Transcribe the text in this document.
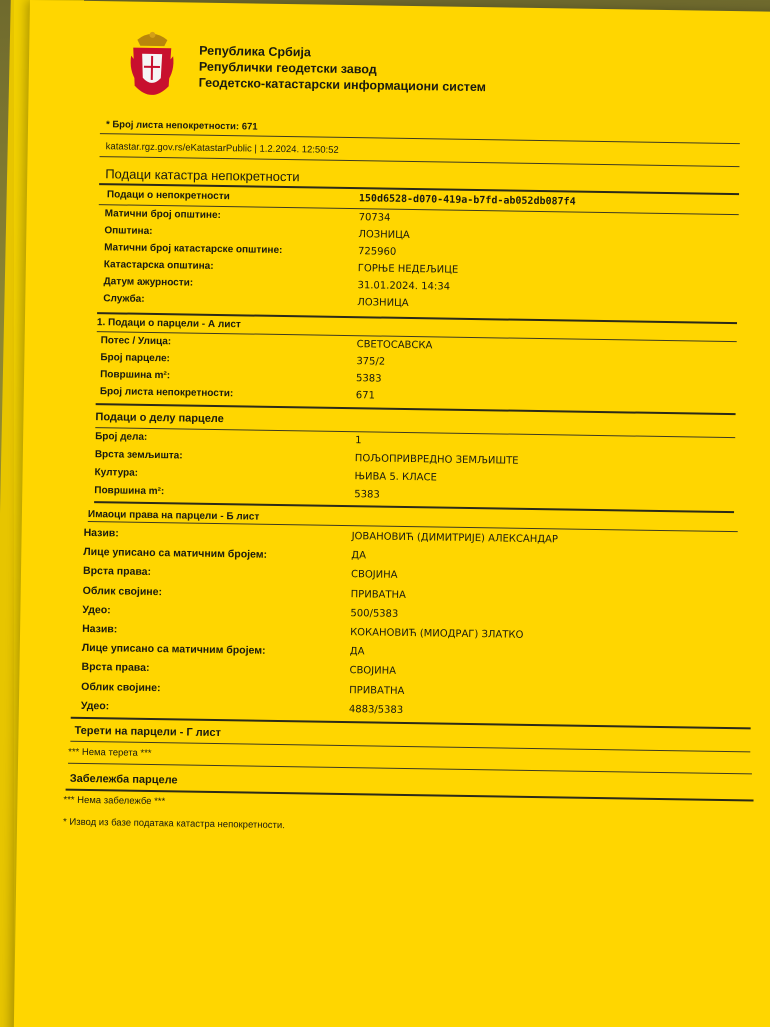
Република Србија
Републички геодетски завод
Геодетско-катастарски информациони систем
* Број листа непокретности: 671
katastar.rgz.gov.rs/eKatastarPublic | 1.2.2024. 12:50:52
Подаци катастра непокретности
Подаци о непокретности	150d6528-d070-419a-b7fd-ab052db087f4
Матични број општине:	70734
Општина:	ЛОЗНИЦА
Матични број катастарске општине:	725960
Катастарска општина:	ГОРЊЕ НЕДЕЉИЦЕ
Датум ажурности:	31.01.2024. 14:34
Служба:	ЛОЗНИЦА
1. Подаци о парцели - А лист
Потес / Улица:	СВЕТОСАВСКА
Број парцеле:	375/2
Површина m²:	5383
Број листа непокретности:	671
Подаци о делу парцеле
Број дела:	1
Врста земљишта:	ПОЉОПРИВРЕДНО ЗЕМЉИШТЕ
Култура:	ЊИВА 5. КЛАСЕ
Површина m²:	5383
Имаоци права на парцели - Б лист
Назив:	ЈОВАНОВИЋ (ДИМИТРИЈЕ) АЛЕКСАНДАР
Лице уписано са матичним бројем:	ДА
Врста права:	СВОЈИНА
Облик својине:	ПРИВАТНА
Удео:	500/5383
Назив:	КОКАНОВИЋ (МИОДРАГ) ЗЛАТКО
Лице уписано са матичним бројем:	ДА
Врста права:	СВОЈИНА
Облик својине:	ПРИВАТНА
Удео:	4883/5383
Терети на парцели - Г лист
*** Нема терета ***
Забележба парцеле
*** Нема забележбе ***
* Извод из базе података катастра непокретности.
